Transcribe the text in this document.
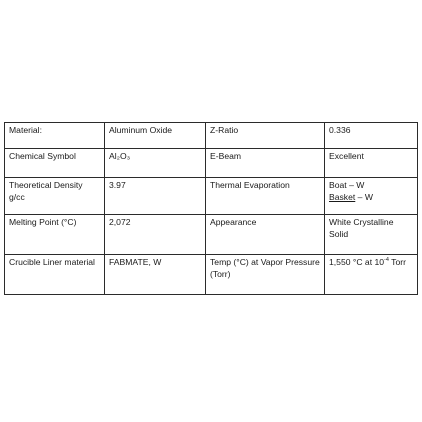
Material:	Aluminum Oxide	Z-Ratio	0.336
Chemical Symbol	Al₂O₃	E-Beam	Excellent
Theoretical Density g/cc	3.97	Thermal Evaporation	Boat – W
Basket – W

Melting Point (°C)	2,072	Appearance	White Crystalline Solid
Crucible Liner material	FABMATE, W	Temp (°C) at Vapor Pressure (Torr)	1,550 °C at $10^{-4}$ Torr
